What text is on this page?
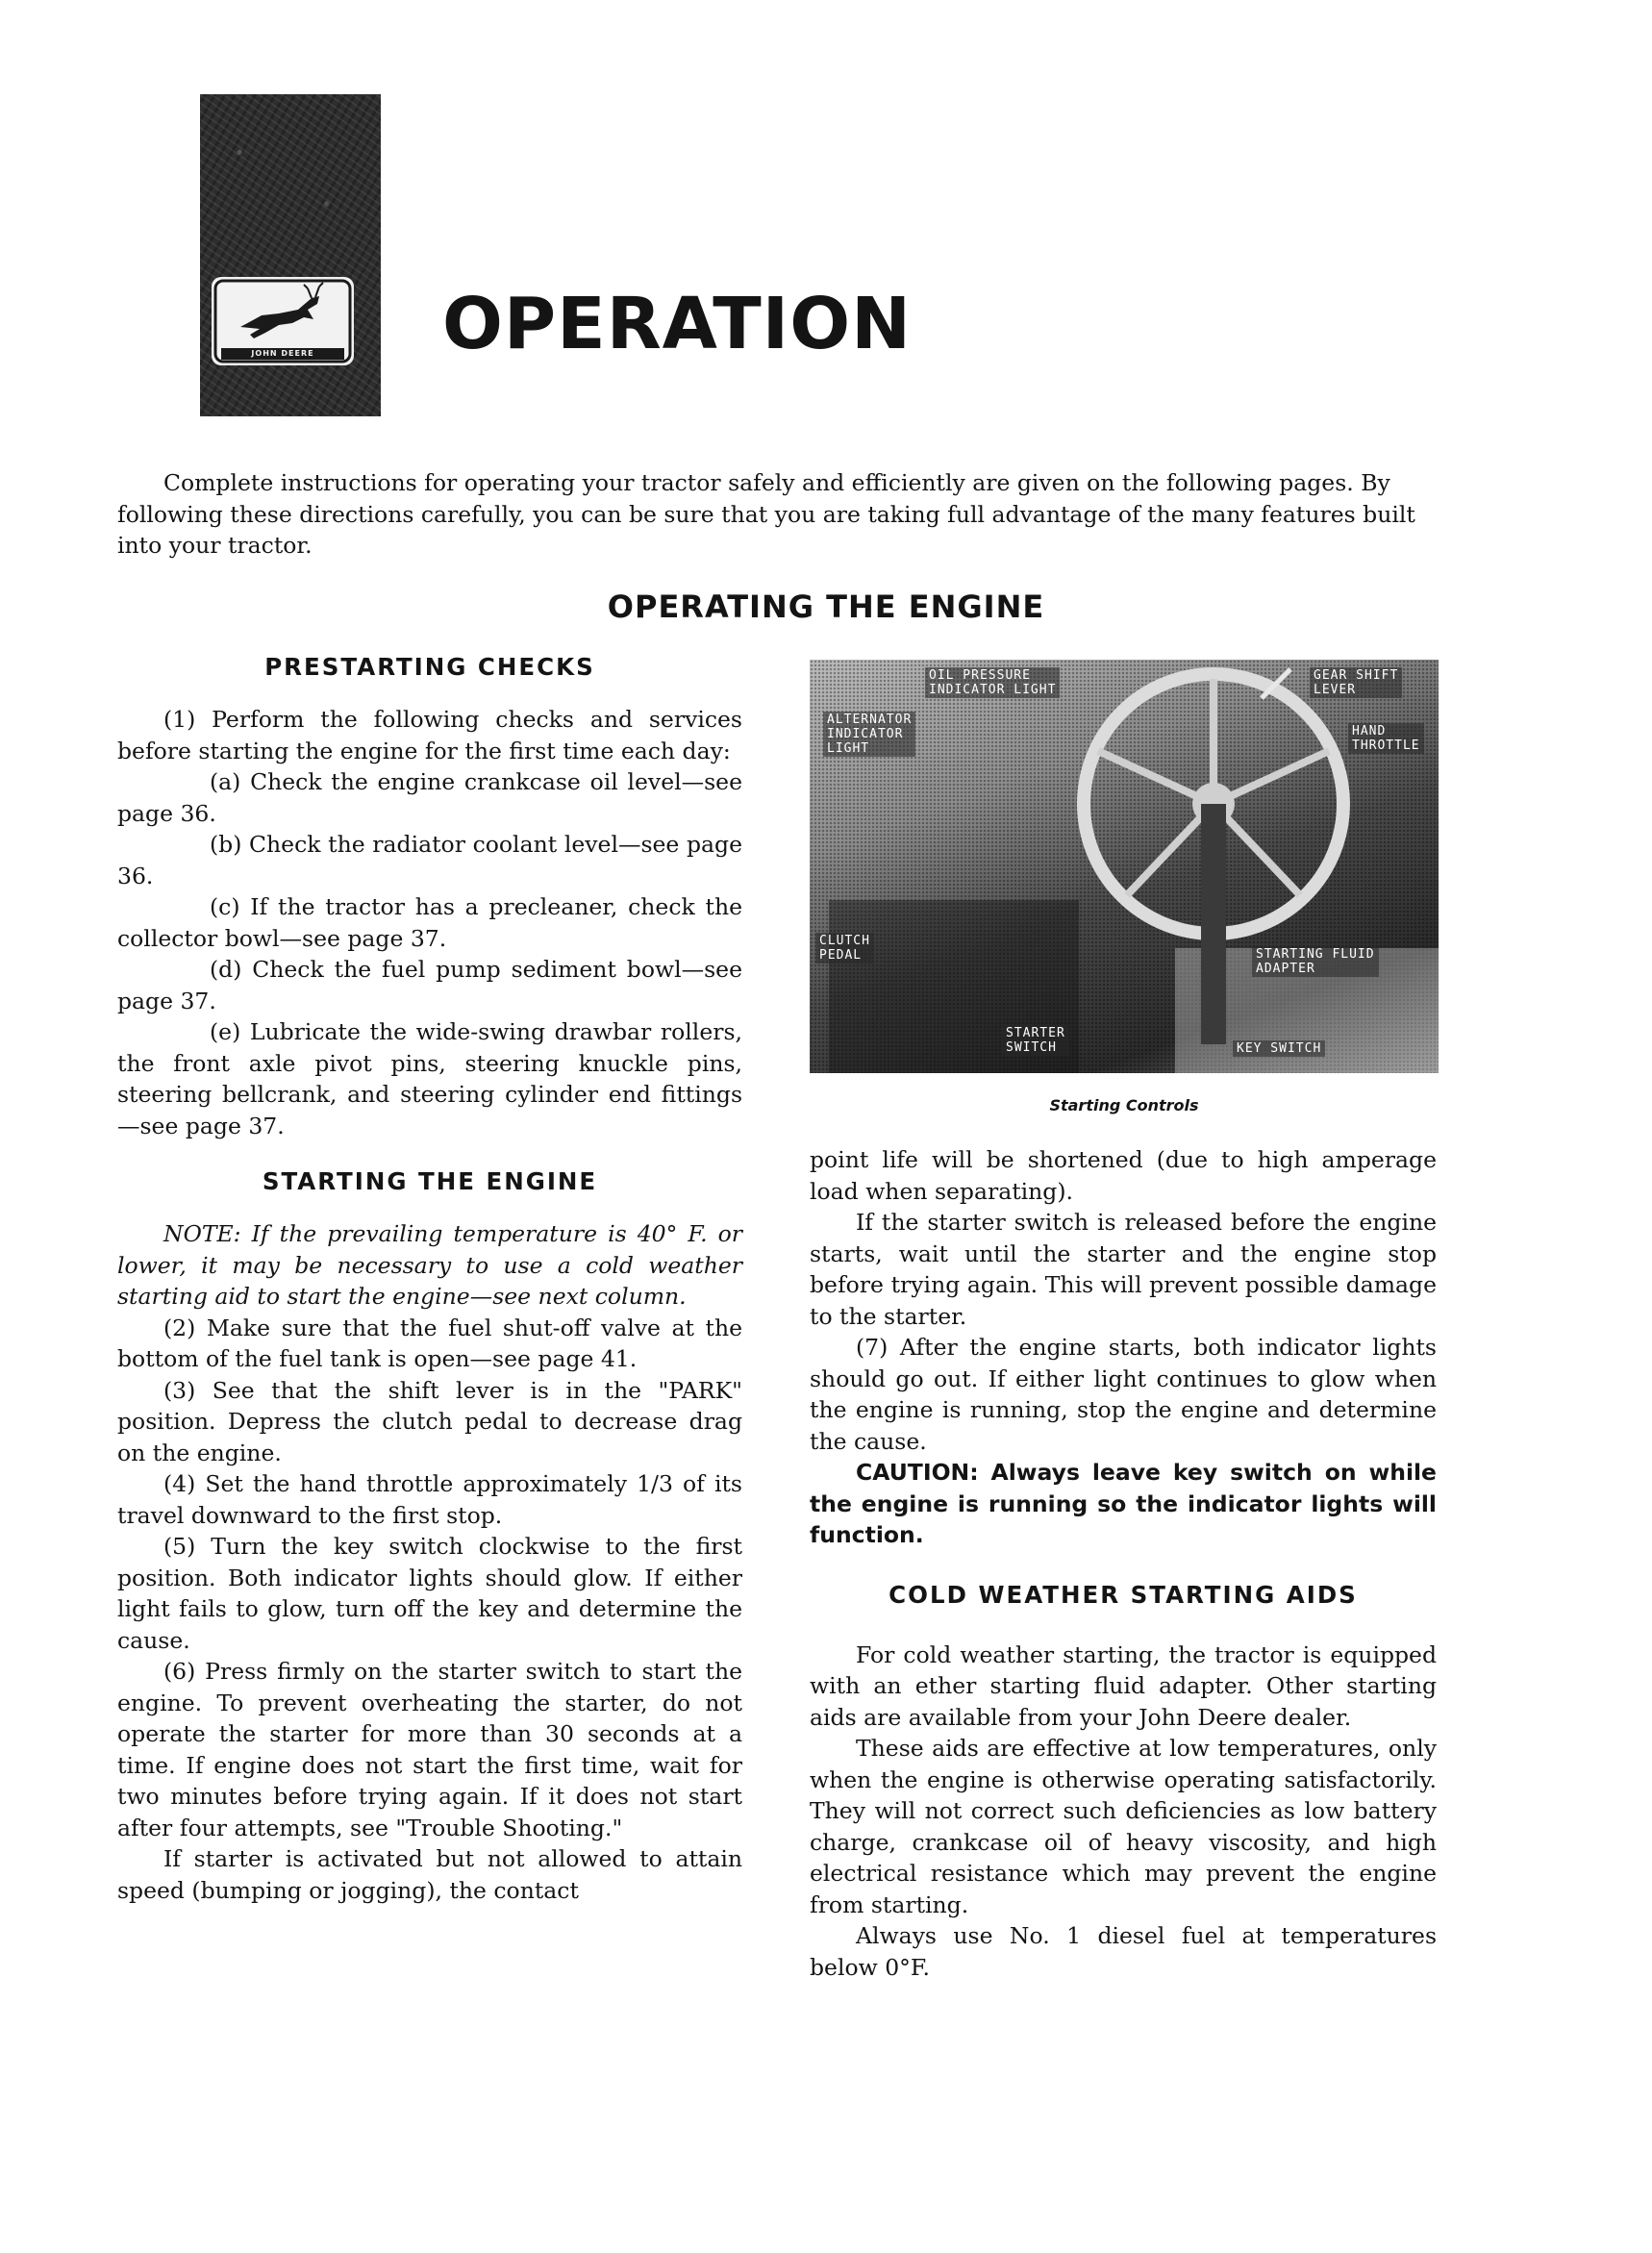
JOHN DEERE	OPERATION

Complete instructions for operating your tractor safely and efficiently are given on the following pages. By following these directions carefully, you can be sure that you are taking full advantage of the many features built into your tractor.

OPERATING THE ENGINE
PRESTARTING CHECKS

(1) Perform the following checks and services before starting the engine for the first time each day:

(a) Check the engine crankcase oil level—see page 36.

(b) Check the radiator coolant level—see page 36.

(c) If the tractor has a precleaner, check the collector bowl—see page 37.

(d) Check the fuel pump sediment bowl—see page 37.

(e) Lubricate the wide-swing drawbar rollers, the front axle pivot pins, steering knuckle pins, steering bellcrank, and steering cylinder end fittings—see page 37.

STARTING THE ENGINE

NOTE: If the prevailing temperature is 40° F. or lower, it may be necessary to use a cold weather starting aid to start the engine—see next column.

(2) Make sure that the fuel shut-off valve at the bottom of the fuel tank is open—see page 41.

(3) See that the shift lever is in the "PARK" position. Depress the clutch pedal to decrease drag on the engine.

(4) Set the hand throttle approximately 1/3 of its travel downward to the first stop.

(5) Turn the key switch clockwise to the first position. Both indicator lights should glow. If either light fails to glow, turn off the key and determine the cause.

(6) Press firmly on the starter switch to start the engine. To prevent overheating the starter, do not operate the starter for more than 30 seconds at a time. If engine does not start the first time, wait for two minutes before trying again. If it does not start after four attempts, see "Trouble Shooting."

If starter is activated but not allowed to attain speed (bumping or jogging), the contact

OIL PRESSURE
INDICATOR LIGHT
GEAR SHIFT
LEVER
ALTERNATOR
INDICATOR
LIGHT
HAND
THROTTLE
CLUTCH
PEDAL	STARTING FLUID
ADAPTER
STARTER
SWITCH	KEY SWITCH

Starting Controls

point life will be shortened (due to high amperage load when separating).

If the starter switch is released before the engine starts, wait until the starter and the engine stop before trying again. This will prevent possible damage to the starter.

(7) After the engine starts, both indicator lights should go out. If either light continues to glow when the engine is running, stop the engine and determine the cause.

CAUTION: Always leave key switch on while the engine is running so the indicator lights will function.

COLD WEATHER STARTING AIDS

For cold weather starting, the tractor is equipped with an ether starting fluid adapter. Other starting aids are available from your John Deere dealer.

These aids are effective at low temperatures, only when the engine is otherwise operating satisfactorily. They will not correct such deficiencies as low battery charge, crankcase oil of heavy viscosity, and high electrical resistance which may prevent the engine from starting.

Always use No. 1 diesel fuel at temperatures below 0°F.
